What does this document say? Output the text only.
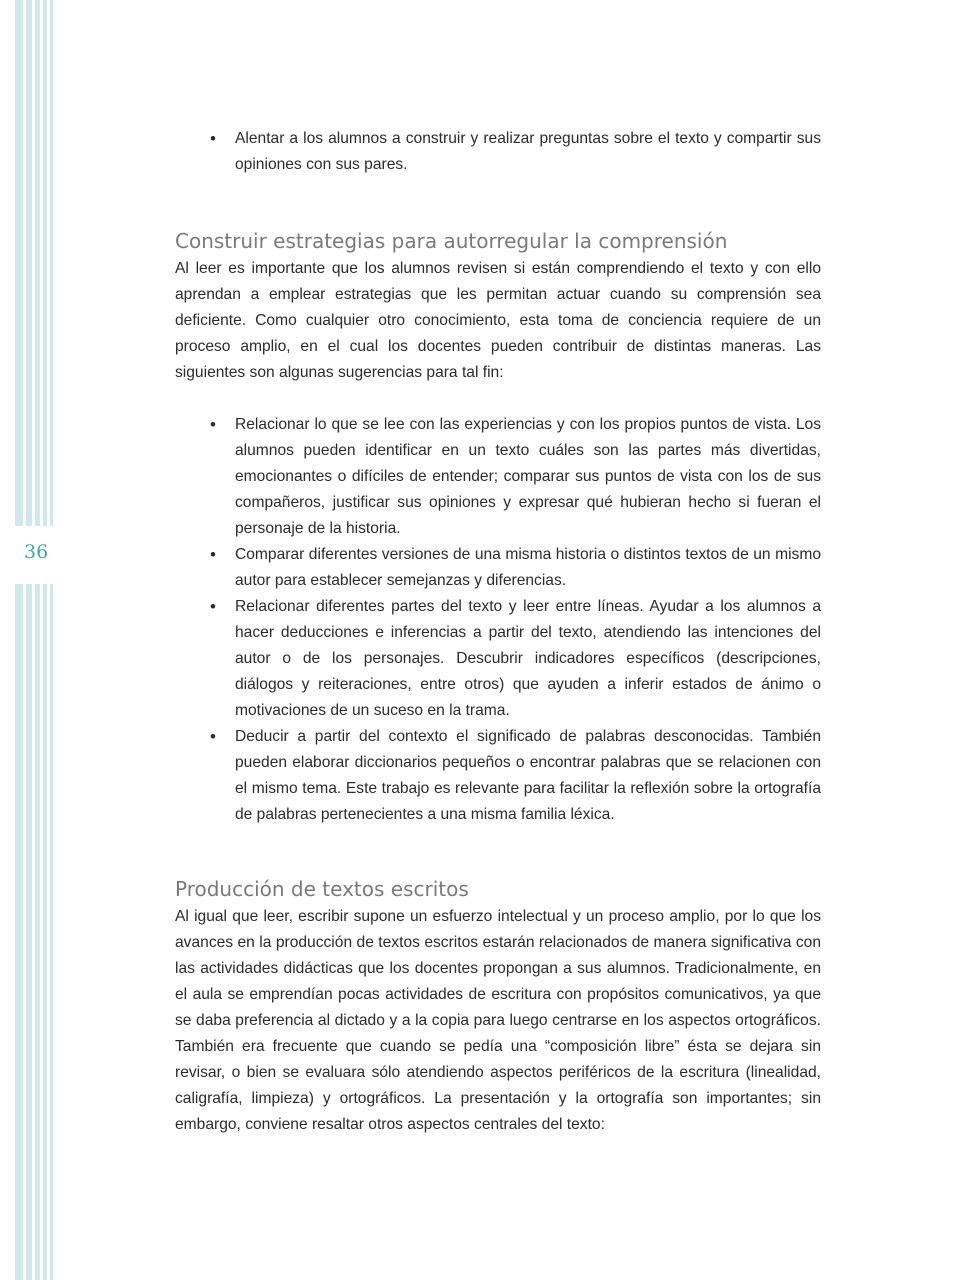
36
• Alentar a los alumnos a construir y realizar preguntas sobre el texto y compartir sus opiniones con sus pares.
Construir estrategias para autorregular la comprensión

Al leer es importante que los alumnos revisen si están comprendiendo el texto y con ello aprendan a emplear estrategias que les permitan actuar cuando su comprensión sea deficiente. Como cualquier otro conocimiento, esta toma de conciencia requiere de un proceso amplio, en el cual los docentes pueden contribuir de distintas maneras. Las siguientes son algunas sugerencias para tal fin:

• Relacionar lo que se lee con las experiencias y con los propios puntos de vista. Los alumnos pueden identificar en un texto cuáles son las partes más divertidas, emocionantes o difíciles de entender; comparar sus puntos de vista con los de sus compañeros, justificar sus opiniones y expresar qué hubieran hecho si fueran el personaje de la historia.
• Comparar diferentes versiones de una misma historia o distintos textos de un mismo autor para establecer semejanzas y diferencias.
• Relacionar diferentes partes del texto y leer entre líneas. Ayudar a los alumnos a hacer deducciones e inferencias a partir del texto, atendiendo las intenciones del autor o de los personajes. Descubrir indicadores específicos (descripciones, diálogos y reiteraciones, entre otros) que ayuden a inferir estados de ánimo o motivaciones de un suceso en la trama.
• Deducir a partir del contexto el significado de palabras desconocidas. También pueden elaborar diccionarios pequeños o encontrar palabras que se relacionen con el mismo tema. Este trabajo es relevante para facilitar la reflexión sobre la ortografía de palabras pertenecientes a una misma familia léxica.
Producción de textos escritos

Al igual que leer, escribir supone un esfuerzo intelectual y un proceso amplio, por lo que los avances en la producción de textos escritos estarán relacionados de manera significativa con las actividades didácticas que los docentes propongan a sus alumnos. Tradicionalmente, en el aula se emprendían pocas actividades de escritura con propósitos comunicativos, ya que se daba preferencia al dictado y a la copia para luego centrarse en los aspectos ortográficos. También era frecuente que cuando se pedía una “composición libre” ésta se dejara sin revisar, o bien se evaluara sólo atendiendo aspectos periféricos de la escritura (linealidad, caligrafía, limpieza) y ortográficos. La presentación y la ortografía son importantes; sin embargo, conviene resaltar otros aspectos centrales del texto:
